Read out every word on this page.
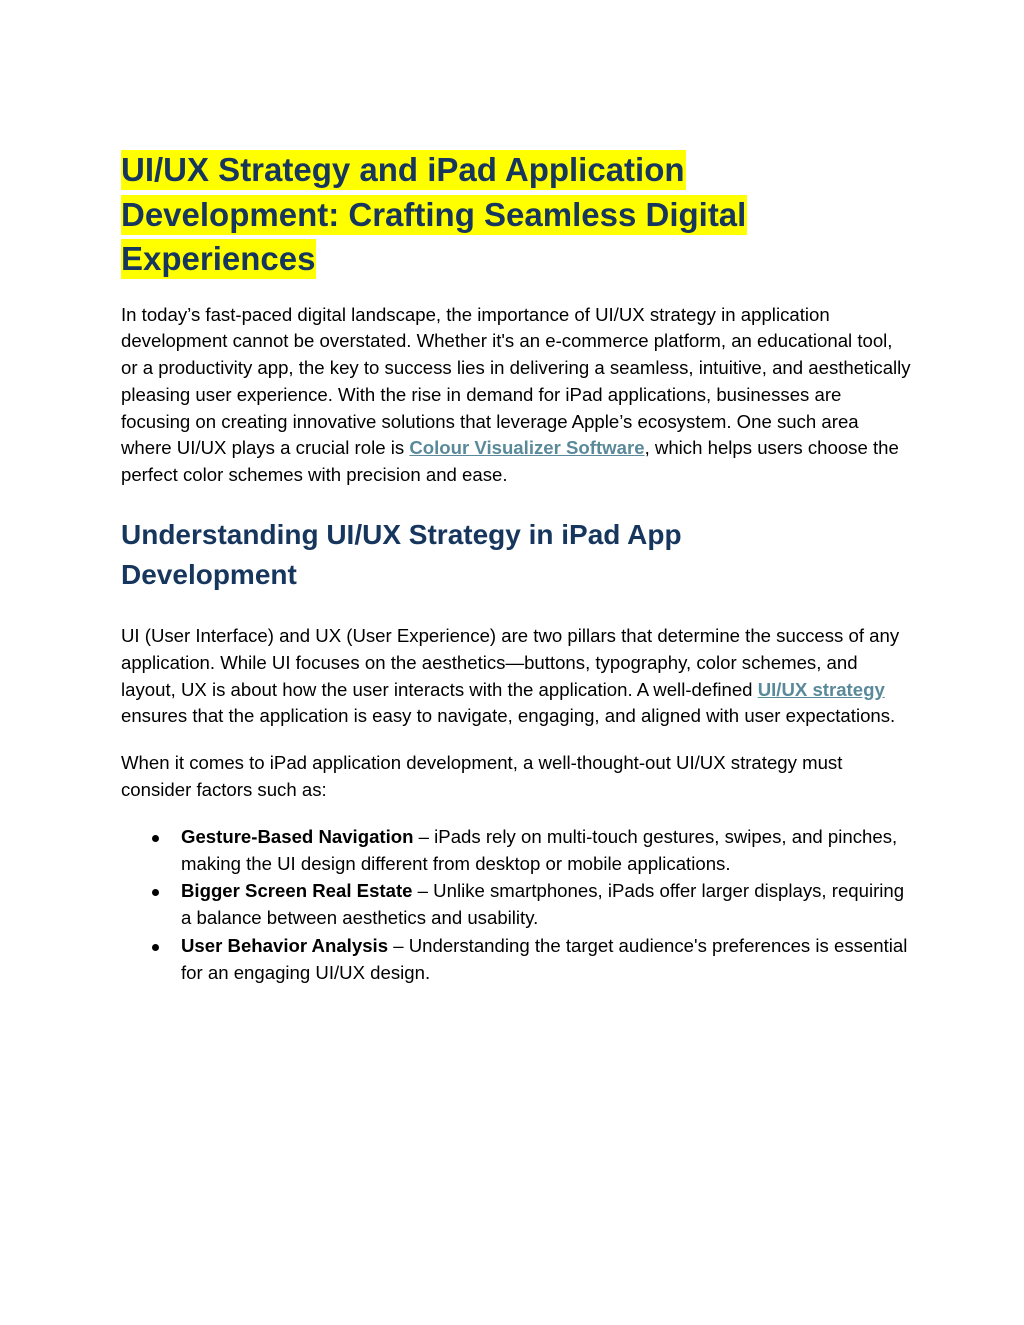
UI/UX Strategy and iPad Application
Development: Crafting Seamless Digital
Experiences

In today’s fast-paced digital landscape, the importance of UI/UX strategy in application development cannot be overstated. Whether it's an e-commerce platform, an educational tool, or a productivity app, the key to success lies in delivering a seamless, intuitive, and aesthetically pleasing user experience. With the rise in demand for iPad applications, businesses are focusing on creating innovative solutions that leverage Apple’s ecosystem. One such area where UI/UX plays a crucial role is Colour Visualizer Software, which helps users choose the perfect color schemes with precision and ease.

Understanding UI/UX Strategy in iPad App
Development

UI (User Interface) and UX (User Experience) are two pillars that determine the success of any application. While UI focuses on the aesthetics—buttons, typography, color schemes, and layout, UX is about how the user interacts with the application. A well-defined UI/UX strategy ensures that the application is easy to navigate, engaging, and aligned with user expectations.

When it comes to iPad application development, a well-thought-out UI/UX strategy must consider factors such as:

Gesture-Based Navigation – iPads rely on multi-touch gestures, swipes, and pinches, making the UI design different from desktop or mobile applications.
Bigger Screen Real Estate – Unlike smartphones, iPads offer larger displays, requiring a balance between aesthetics and usability.
User Behavior Analysis – Understanding the target audience's preferences is essential for an engaging UI/UX design.
